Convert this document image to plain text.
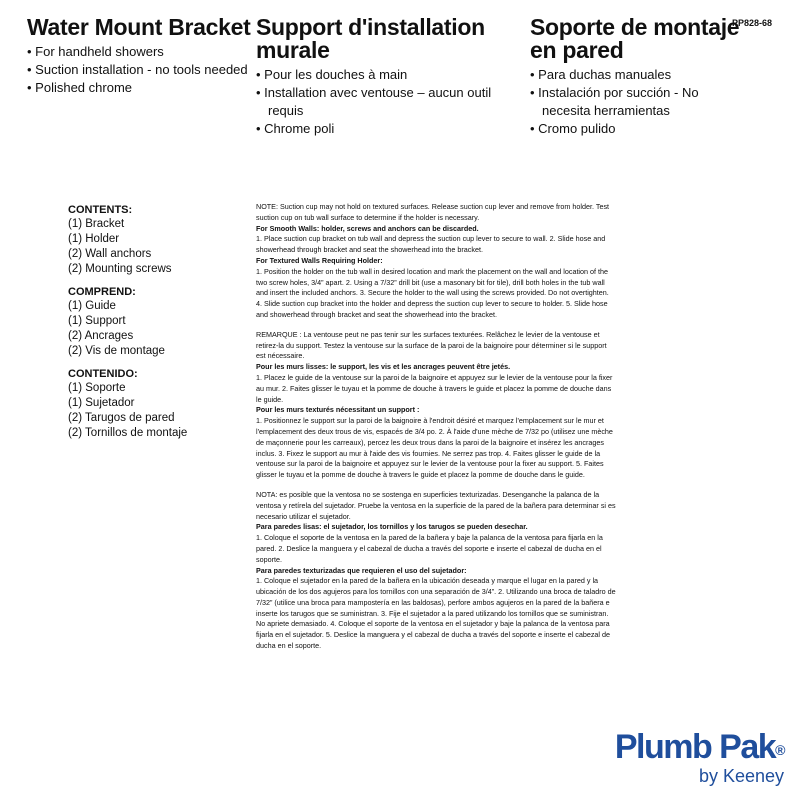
PP828-68
Water Mount Bracket
• For handheld showers
• Suction installation - no tools needed
• Polished chrome
Support d'installation murale
• Pour les douches à main
• Installation avec ventouse – aucun outil requis
• Chrome poli
Soporte de montaje en pared
• Para duchas manuales
• Instalación por succión - No necesita herramientas
• Cromo pulido
CONTENTS:
(1) Bracket
(1) Holder
(2) Wall anchors
(2) Mounting screws
COMPREND:
(1) Guide
(1) Support
(2) Ancrages
(2) Vis de montage
CONTENIDO:
(1) Soporte
(1) Sujetador
(2) Tarugos de pared
(2) Tornillos de montaje

NOTE: Suction cup may not hold on textured surfaces. Release suction cup lever and remove from holder. Test suction cup on tub wall surface to determine if the holder is necessary.

For Smooth Walls: holder, screws and anchors can be discarded.

1. Place suction cup bracket on tub wall and depress the suction cup lever to secure to wall. 2. Slide hose and showerhead through bracket and seat the showerhead into the bracket.

For Textured Walls Requiring Holder:

1. Position the holder on the tub wall in desired location and mark the placement on the wall and location of the two screw holes, 3/4” apart. 2. Using a 7/32” drill bit (use a masonary bit for tile), drill both holes in the tub wall and insert the included anchors. 3. Secure the holder to the wall using the screws provided. Do not overtighten. 4. Slide suction cup bracket into the holder and depress the suction cup lever to secure to holder. 5. Slide hose and showerhead through bracket and seat the showerhead into the bracket.

REMARQUE : La ventouse peut ne pas tenir sur les surfaces texturées. Relâchez le levier de la ventouse et retirez-la du support. Testez la ventouse sur la surface de la paroi de la baignoire pour déterminer si le support est nécessaire.

Pour les murs lisses: le support, les vis et les ancrages peuvent être jetés.

1. Placez le guide de la ventouse sur la paroi de la baignoire et appuyez sur le levier de la ventouse pour la fixer au mur. 2. Faites glisser le tuyau et la pomme de douche à travers le guide et placez la pomme de douche dans le guide.

Pour les murs texturés nécessitant un support :

1. Positionnez le support sur la paroi de la baignoire à l'endroit désiré et marquez l'emplacement sur le mur et l'emplacement des deux trous de vis, espacés de 3/4 po. 2. À l'aide d'une mèche de 7/32 po (utilisez une mèche de maçonnerie pour les carreaux), percez les deux trous dans la paroi de la baignoire et insérez les ancrages inclus. 3. Fixez le support au mur à l'aide des vis fournies. Ne serrez pas trop. 4. Faites glisser le guide de la ventouse sur la paroi de la baignoire et appuyez sur le levier de la ventouse pour la fixer au support. 5. Faites glisser le tuyau et la pomme de douche à travers le guide et placez la pomme de douche dans le guide.

NOTA: es posible que la ventosa no se sostenga en superficies texturizadas. Desenganche la palanca de la ventosa y retírela del sujetador. Pruebe la ventosa en la superficie de la pared de la bañera para determinar si es necesario utilizar el sujetador.

Para paredes lisas: el sujetador, los tornillos y los tarugos se pueden desechar.

1. Coloque el soporte de la ventosa en la pared de la bañera y baje la palanca de la ventosa para fijarla en la pared. 2. Deslice la manguera y el cabezal de ducha a través del soporte e inserte el cabezal de ducha en el soporte.

Para paredes texturizadas que requieren el uso del sujetador:

1. Coloque el sujetador en la pared de la bañera en la ubicación deseada y marque el lugar en la pared y la ubicación de los dos agujeros para los tornillos con una separación de 3/4”. 2. Utilizando una broca de taladro de 7/32” (utilice una broca para mampostería en las baldosas), perfore ambos agujeros en la pared de la bañera e inserte los tarugos que se suministran. 3. Fije el sujetador a la pared utilizando los tornillos que se suministran. No apriete demasiado. 4. Coloque el soporte de la ventosa en el sujetador y baje la palanca de la ventosa para fijarla en el sujetador. 5. Deslice la manguera y el cabezal de ducha a través del soporte e inserte el cabezal de ducha en el soporte.

Plumb Pak®
by Keeney
